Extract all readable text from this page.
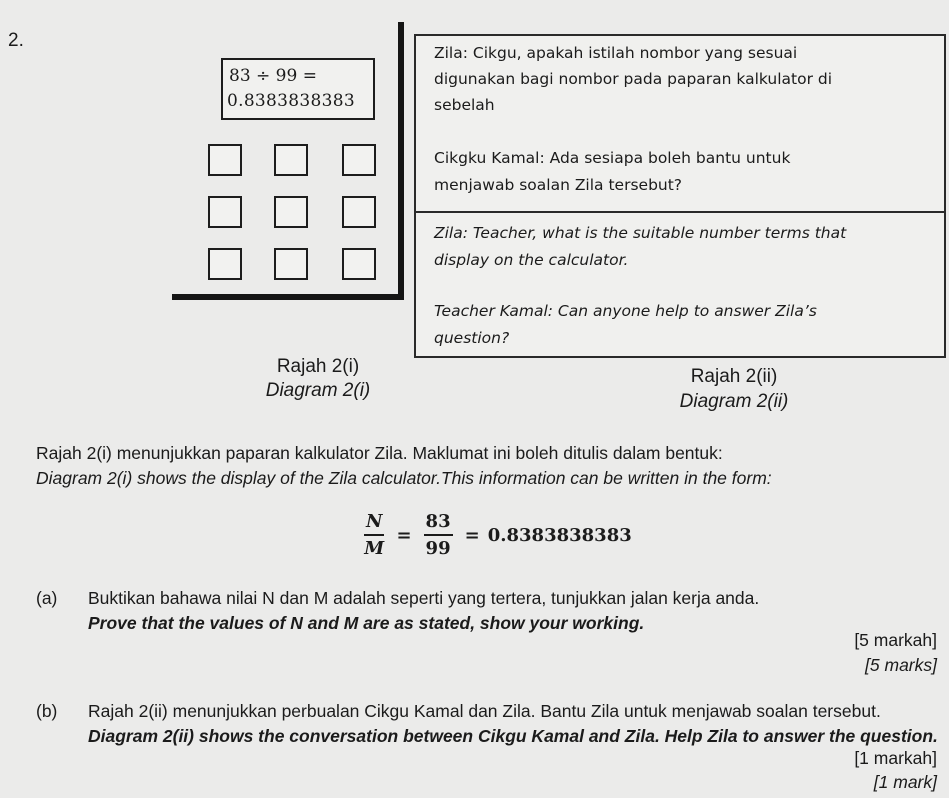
2.
83 ÷ 99 =
0.8383838383
Zila: Cikgu, apakah istilah nombor yang sesuai
digunakan bagi nombor pada paparan kalkulator di
sebelah
Cikgku Kamal: Ada sesiapa boleh bantu untuk
menjawab soalan Zila tersebut?
Zila: Teacher, what is the suitable number terms that
display on the calculator.
Teacher Kamal: Can anyone help to answer Zila’s
question?
Rajah 2(i)
Diagram 2(i)
Rajah 2(ii)
Diagram 2(ii)
Rajah 2(i) menunjukkan paparan kalkulator Zila. Maklumat ini boleh ditulis dalam bentuk:
Diagram 2(i) shows the display of the Zila calculator.This information can be written in the form:
$\frac{N}{M} = \frac{83}{99} = 0.8383838383$
(a) Buktikan bahawa nilai N dan M adalah seperti yang tertera, tunjukkan jalan kerja anda.
Prove that the values of N and M are as stated, show your working.
[5 markah]
[5 marks]
(b) Rajah 2(ii) menunjukkan perbualan Cikgu Kamal dan Zila. Bantu Zila untuk menjawab soalan tersebut.
Diagram 2(ii) shows the conversation between Cikgu Kamal and Zila. Help Zila to answer the question.
[1 markah]
[1 mark]
